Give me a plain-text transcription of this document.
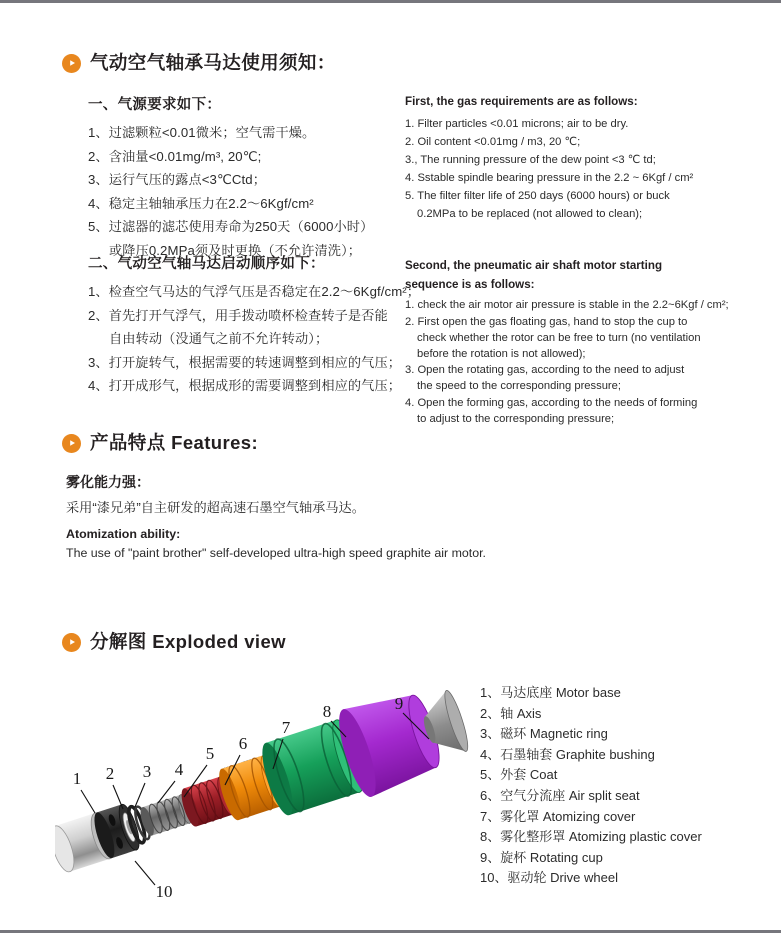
气动空气轴承马达使用须知：

一、气源要求如下：

1、过滤颗粒<0.01微米；空气需干燥。
2、含油量<0.01mg/m³, 20℃;
3、运行气压的露点<3℃Ctd；
4、稳定主轴轴承压力在2.2～6Kgf/cm²
5、过滤器的滤芯使用寿命为250天（6000小时）
或降压0.2MPa须及时更换（不允许清洗）；

二、气动空气轴马达启动顺序如下：

1、检查空气马达的气浮气压是否稳定在2.2～6Kgf/cm²；
2、首先打开气浮气，用手拨动喷杯检查转子是否能
自由转动（没通气之前不允许转动）；
3、打开旋转气，根据需要的转速调整到相应的气压；
4、打开成形气，根据成形的需要调整到相应的气压；

First, the gas requirements are as follows:

1. Filter particles <0.01 microns; air to be dry.
2. Oil content <0.01mg / m3, 20 ℃;
3., The running pressure of the dew point <3 ℃ td;
4. Sstable spindle bearing pressure in the 2.2 ~ 6Kgf / cm²
5. The filter filter life of 250 days (6000 hours) or buck
0.2MPa to be replaced (not allowed to clean);

Second, the pneumatic air shaft motor starting

sequence is as follows:

1. check the air motor air pressure is stable in the 2.2~6Kgf / cm²;
2. First open the gas floating gas, hand to stop the cup to
check whether the rotor can be free to turn (no ventilation
before the rotation is not allowed);
3. Open the rotating gas, according to the need to adjust
the speed to the corresponding pressure;
4. Open the forming gas, according to the needs of forming
to adjust to the corresponding pressure;
产品特点 Features:

雾化能力强：

采用“漆兄弟”自主研发的超高速石墨空气轴承马达。

Atomization ability:

The use of "paint brother" self-developed ultra-high speed graphite air motor.

分解图 Exploded view
1、马达底座 Motor base
2、轴 Axis
3、磁环 Magnetic ring
4、石墨轴套 Graphite bushing
5、外套 Coat
6、空气分流座 Air split seat
7、雾化罩 Atomizing cover
8、雾化整形罩 Atomizing plastic cover
9、旋杯 Rotating cup
10、驱动轮 Drive wheel
1 2 3 4
5
6
7
8	9
10
